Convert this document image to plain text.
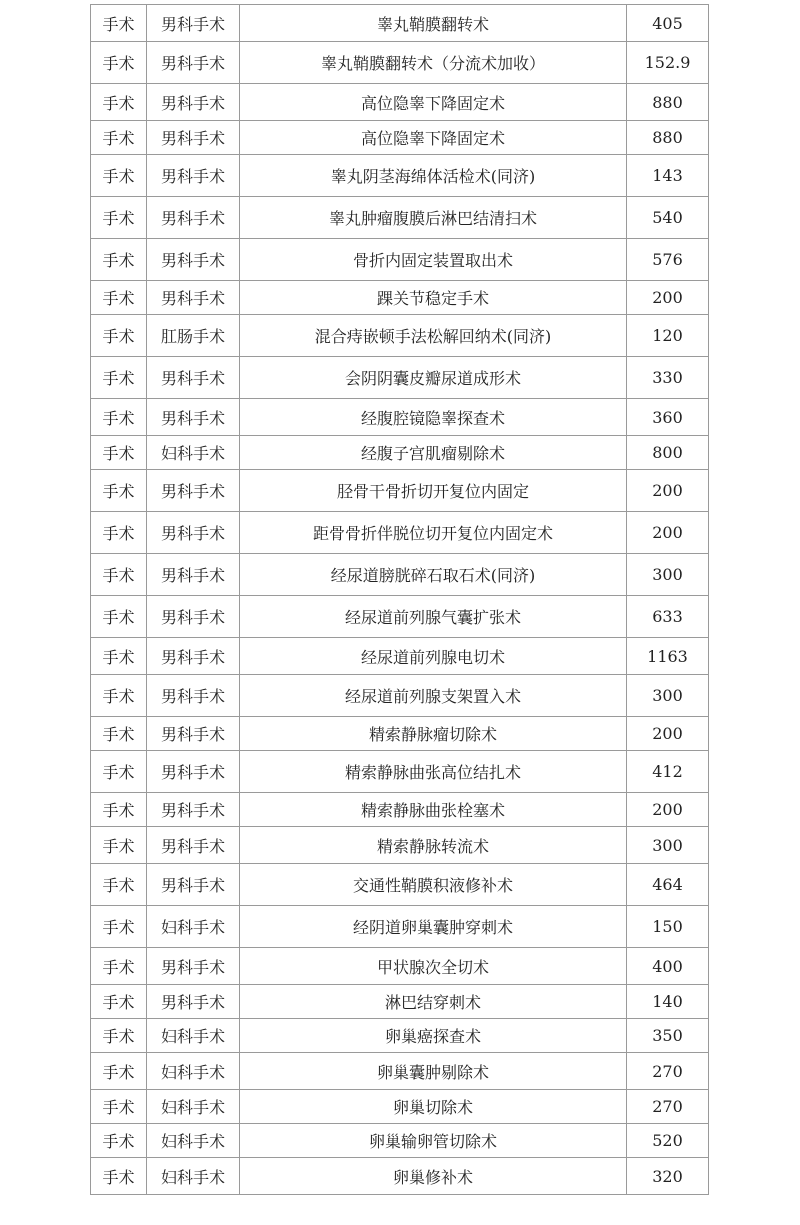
手术	男科手术	睾丸鞘膜翻转术	405
手术	男科手术	睾丸鞘膜翻转术（分流术加收）	152.9
手术	男科手术	高位隐睾下降固定术	880
手术	男科手术	高位隐睾下降固定术	880
手术	男科手术	睾丸阴茎海绵体活检术(同济)	143
手术	男科手术	睾丸肿瘤腹膜后淋巴结清扫术	540
手术	男科手术	骨折内固定装置取出术	576
手术	男科手术	踝关节稳定手术	200
手术	肛肠手术	混合痔嵌顿手法松解回纳术(同济)	120
手术	男科手术	会阴阴囊皮瓣尿道成形术	330
手术	男科手术	经腹腔镜隐睾探查术	360
手术	妇科手术	经腹子宫肌瘤剔除术	800
手术	男科手术	胫骨干骨折切开复位内固定	200
手术	男科手术	距骨骨折伴脱位切开复位内固定术	200
手术	男科手术	经尿道膀胱碎石取石术(同济)	300
手术	男科手术	经尿道前列腺气囊扩张术	633
手术	男科手术	经尿道前列腺电切术	1163
手术	男科手术	经尿道前列腺支架置入术	300
手术	男科手术	精索静脉瘤切除术	200
手术	男科手术	精索静脉曲张高位结扎术	412
手术	男科手术	精索静脉曲张栓塞术	200
手术	男科手术	精索静脉转流术	300
手术	男科手术	交通性鞘膜积液修补术	464
手术	妇科手术	经阴道卵巢囊肿穿刺术	150
手术	男科手术	甲状腺次全切术	400
手术	男科手术	淋巴结穿刺术	140
手术	妇科手术	卵巢癌探查术	350
手术	妇科手术	卵巢囊肿剔除术	270
手术	妇科手术	卵巢切除术	270
手术	妇科手术	卵巢输卵管切除术	520
手术	妇科手术	卵巢修补术	320
